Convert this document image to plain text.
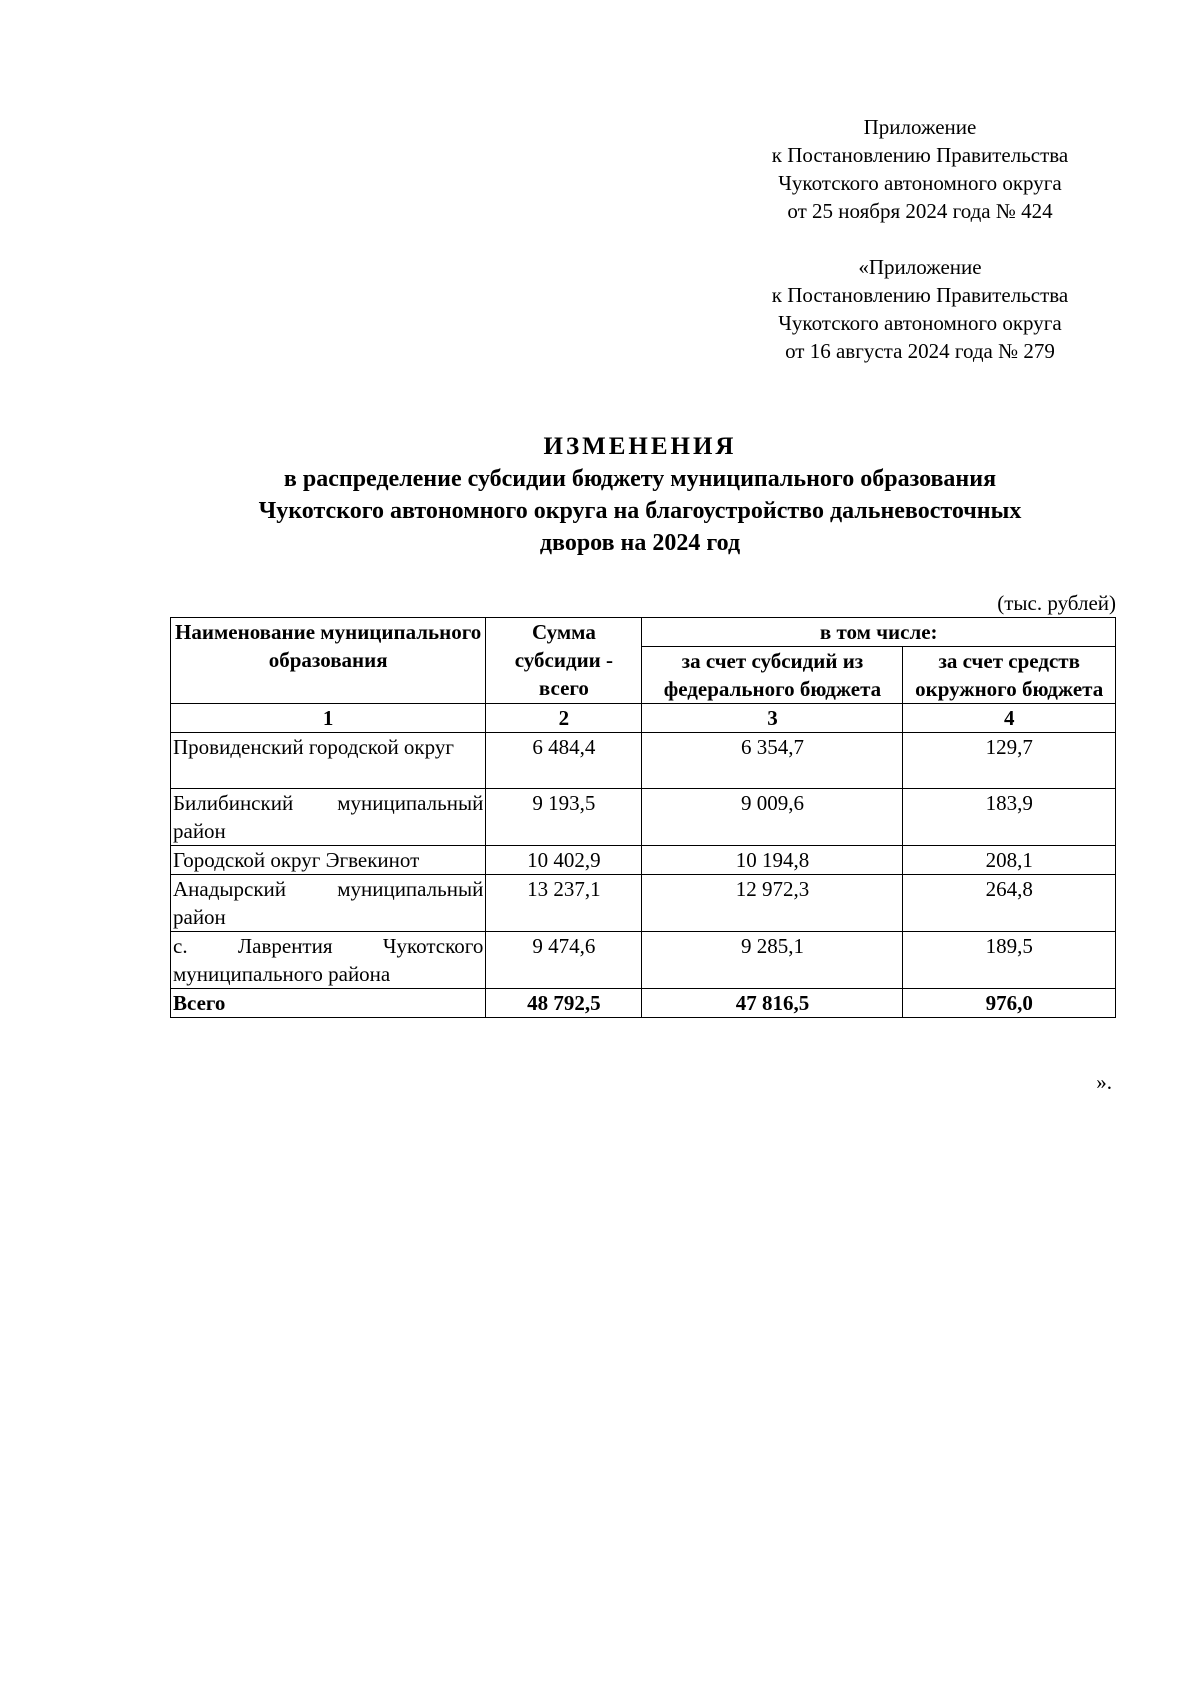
Приложение
к Постановлению Правительства
Чукотского автономного округа
от 25 ноября 2024 года № 424
«Приложение
к Постановлению Правительства
Чукотского автономного округа
от 16 августа 2024 года № 279
ИЗМЕНЕНИЯ
в распределение субсидии бюджету муниципального образования
Чукотского автономного округа на благоустройство дальневосточных
дворов на 2024 год
(тыс. рублей)
Наименование муниципального образования	Сумма субсидии - всего	в том числе:	
		за счет субсидий из федерального бюджета	за счет средств окружного бюджета
1	2	3	4
Провиденский городской округ	6 484,4	6 354,7	129,7
Билибинский муниципальный район	9 193,5	9 009,6	183,9
Городской округ Эгвекинот	10 402,9	10 194,8	208,1
Анадырский муниципальный район	13 237,1	12 972,3	264,8
с. Лаврентия Чукотского муниципального района	9 474,6	9 285,1	189,5
Всего	48 792,5	47 816,5	976,0
».
